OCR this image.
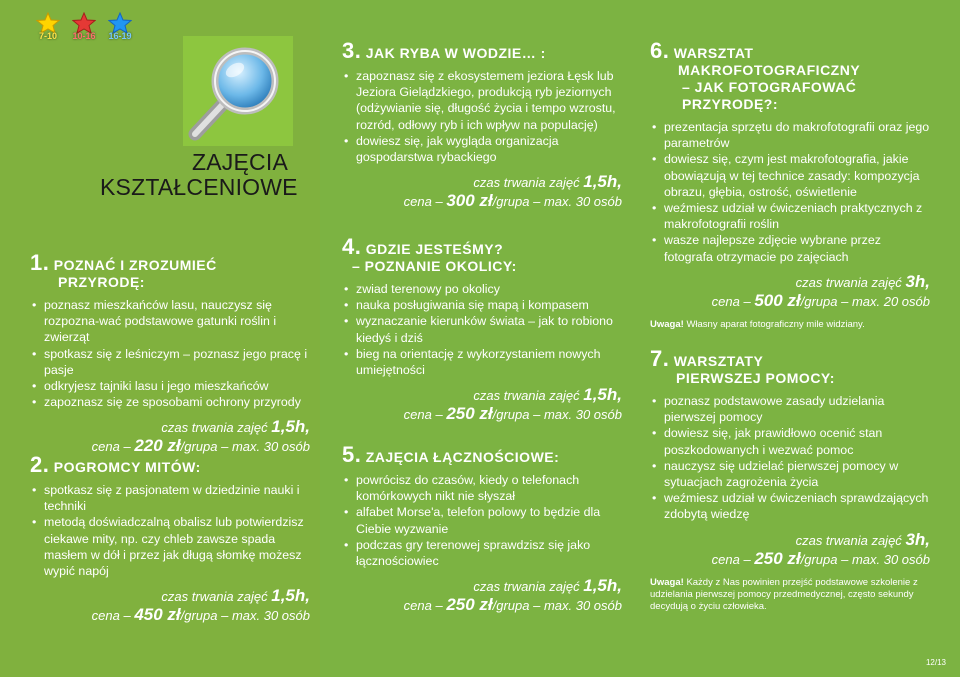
7-10 10-16 16-19
ZAJĘCIA
KSZTAŁCENIOWE
1. POZNAĆ I ZROZUMIEĆ
PRZYRODĘ:
• poznasz mieszkańców lasu, nauczysz się rozpozna-wać podstawowe gatunki roślin i zwierząt
• spotkasz się z leśniczym – poznasz jego pracę i pasje
• odkryjesz tajniki lasu i jego mieszkańców
• zapoznasz się ze sposobami ochrony przyrody
czas trwania zajęć 1,5h,
cena – 220 zł/grupa – max. 30 osób
2. POGROMCY MITÓW:
• spotkasz się z pasjonatem w dziedzinie nauki i techniki
• metodą doświadczalną obalisz lub potwierdzisz ciekawe mity, np. czy chleb zawsze spada masłem w dół i przez jak długą słomkę możesz wypić napój
czas trwania zajęć 1,5h,
cena – 450 zł/grupa – max. 30 osób
3. JAK RYBA W WODZIE… :
• zapoznasz się z ekosystemem jeziora Łęsk lub Jeziora Gielądzkiego, produkcją ryb jeziornych (odżywianie się, długość życia i tempo wzrostu, rozród, odłowy ryb i ich wpływ na populację)
• dowiesz się, jak wygląda organizacja gospodarstwa rybackiego
czas trwania zajęć 1,5h,
cena – 300 zł/grupa – max. 30 osób
4. GDZIE JESTEŚMY?
– POZNANIE OKOLICY:
• zwiad terenowy po okolicy
• nauka posługiwania się mapą i kompasem
• wyznaczanie kierunków świata – jak to robiono kiedyś i dziś
• bieg na orientację z wykorzystaniem nowych umiejętności
czas trwania zajęć 1,5h,
cena – 250 zł/grupa – max. 30 osób
5. ZAJĘCIA ŁĄCZNOŚCIOWE:
• powrócisz do czasów, kiedy o telefonach komórkowych nikt nie słyszał
• alfabet Morse'a, telefon polowy to będzie dla Ciebie wyzwanie
• podczas gry terenowej sprawdzisz się jako łącznościowiec
czas trwania zajęć 1,5h,
cena – 250 zł/grupa – max. 30 osób
6. WARSZTAT
MAKROFOTOGRAFICZNY
– JAK FOTOGRAFOWAĆ PRZYRODĘ?:
• prezentacja sprzętu do makrofotografii oraz jego parametrów
• dowiesz się, czym jest makrofotografia, jakie obowiązują w tej technice zasady: kompozycja obrazu, głębia, ostrość, oświetlenie
• weźmiesz udział w ćwiczeniach praktycznych z makrofotografii roślin
• wasze najlepsze zdjęcie wybrane przez fotografa otrzymacie po zajęciach
czas trwania zajęć 3h,
cena – 500 zł/grupa – max. 20 osób
Uwaga! Własny aparat fotograficzny mile widziany.
7. WARSZTATY
PIERWSZEJ POMOCY:
• poznasz podstawowe zasady udzielania pierwszej pomocy
• dowiesz się, jak prawidłowo ocenić stan poszkodowanych i wezwać pomoc
• nauczysz się udzielać pierwszej pomocy w sytuacjach zagrożenia życia
• weźmiesz udział w ćwiczeniach sprawdzających zdobytą wiedzę
czas trwania zajęć 3h,
cena – 250 zł/grupa – max. 30 osób
Uwaga! Każdy z Nas powinien przejść podstawowe szkolenie z udzielania pierwszej pomocy przedmedycznej, często sekundy decydują o życiu człowieka.
12/13
